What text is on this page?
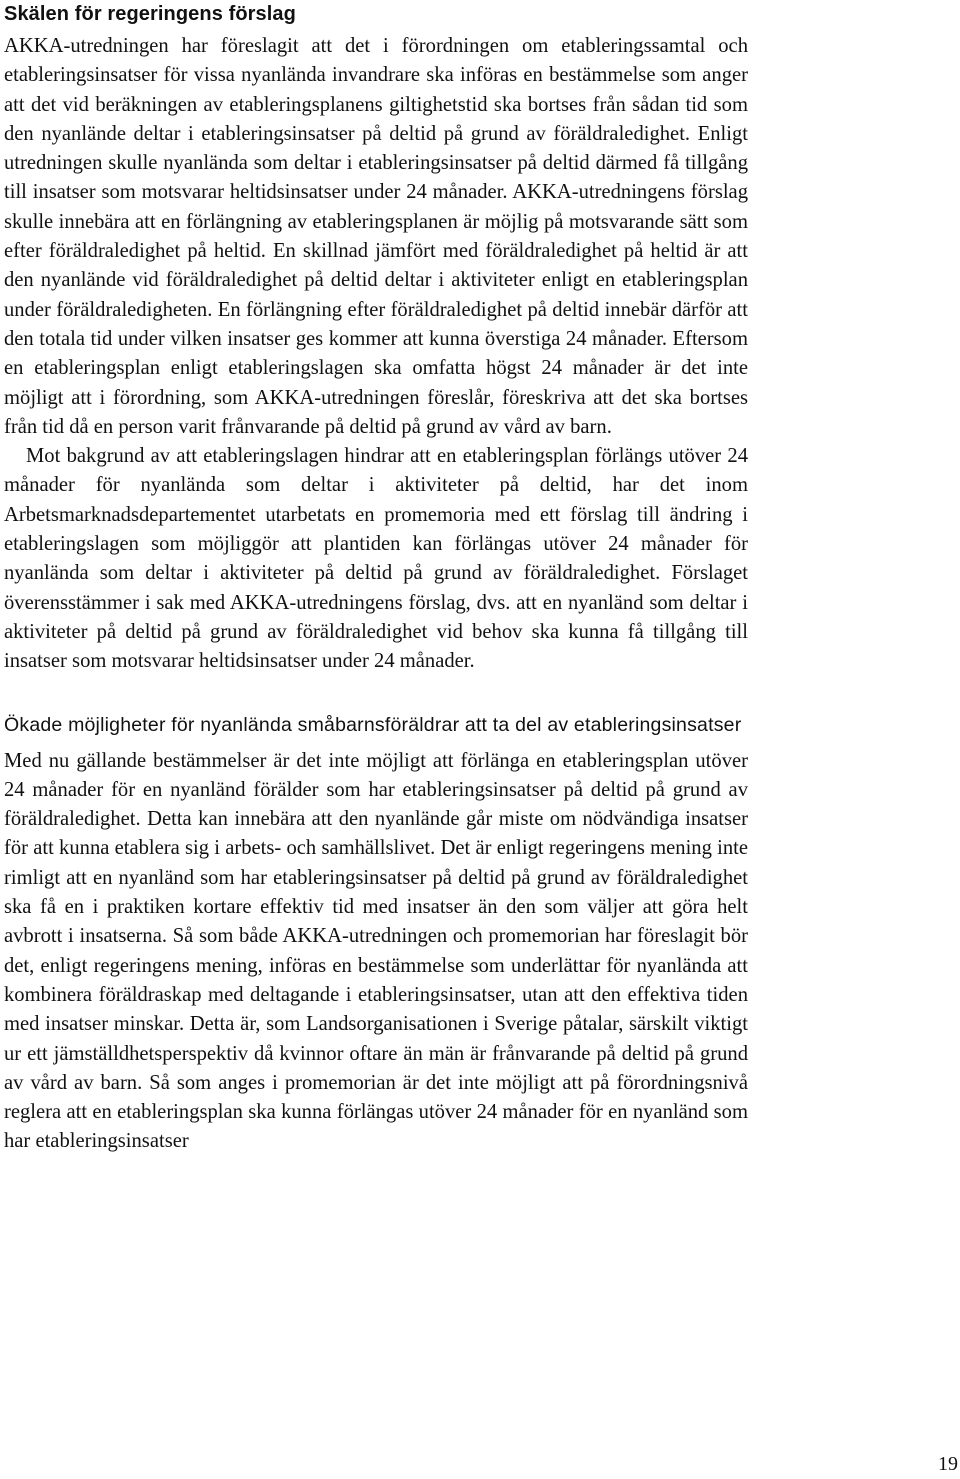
Skälen för regeringens förslag

AKKA-utredningen har föreslagit att det i förordningen om etableringssamtal och etableringsinsatser för vissa nyanlända invandrare ska införas en bestämmelse som anger att det vid beräkningen av etableringsplanens giltighetstid ska bortses från sådan tid som den nyanlände deltar i etableringsinsatser på deltid på grund av föräldraledighet. Enligt utredningen skulle nyanlända som deltar i etableringsinsatser på deltid därmed få tillgång till insatser som motsvarar heltidsinsatser under 24 månader. AKKA-utredningens förslag skulle innebära att en förlängning av etableringsplanen är möjlig på motsvarande sätt som efter föräldraledighet på heltid. En skillnad jämfört med föräldraledighet på heltid är att den nyanlände vid föräldraledighet på deltid deltar i aktiviteter enligt en etableringsplan under föräldraledigheten. En förlängning efter föräldraledighet på deltid innebär därför att den totala tid under vilken insatser ges kommer att kunna överstiga 24 månader. Eftersom en etableringsplan enligt etableringslagen ska omfatta högst 24 månader är det inte möjligt att i förordning, som AKKA-utredningen föreslår, föreskriva att det ska bortses från tid då en person varit frånvarande på deltid på grund av vård av barn.

Mot bakgrund av att etableringslagen hindrar att en etableringsplan förlängs utöver 24 månader för nyanlända som deltar i aktiviteter på deltid, har det inom Arbetsmarknadsdepartementet utarbetats en promemoria med ett förslag till ändring i etableringslagen som möjliggör att plantiden kan förlängas utöver 24 månader för nyanlända som deltar i aktiviteter på deltid på grund av föräldraledighet. Förslaget överensstämmer i sak med AKKA-utredningens förslag, dvs. att en nyanländ som deltar i aktiviteter på deltid på grund av föräldraledighet vid behov ska kunna få tillgång till insatser som motsvarar heltidsinsatser under 24 månader.

Ökade möjligheter för nyanlända småbarnsföräldrar att ta del av etableringsinsatser

Med nu gällande bestämmelser är det inte möjligt att förlänga en etableringsplan utöver 24 månader för en nyanländ förälder som har etableringsinsatser på deltid på grund av föräldraledighet. Detta kan innebära att den nyanlände går miste om nödvändiga insatser för att kunna etablera sig i arbets- och samhällslivet. Det är enligt regeringens mening inte rimligt att en nyanländ som har etableringsinsatser på deltid på grund av föräldraledighet ska få en i praktiken kortare effektiv tid med insatser än den som väljer att göra helt avbrott i insatserna. Så som både AKKA-utredningen och promemorian har föreslagit bör det, enligt regeringens mening, införas en bestämmelse som underlättar för nyanlända att kombinera föräldraskap med deltagande i etableringsinsatser, utan att den effektiva tiden med insatser minskar. Detta är, som Landsorganisationen i Sverige påtalar, särskilt viktigt ur ett jämställdhetsperspektiv då kvinnor oftare än män är frånvarande på deltid på grund av vård av barn. Så som anges i promemorian är det inte möjligt att på förordningsnivå reglera att en etableringsplan ska kunna förlängas utöver 24 månader för en nyanländ som har etableringsinsatser

19
